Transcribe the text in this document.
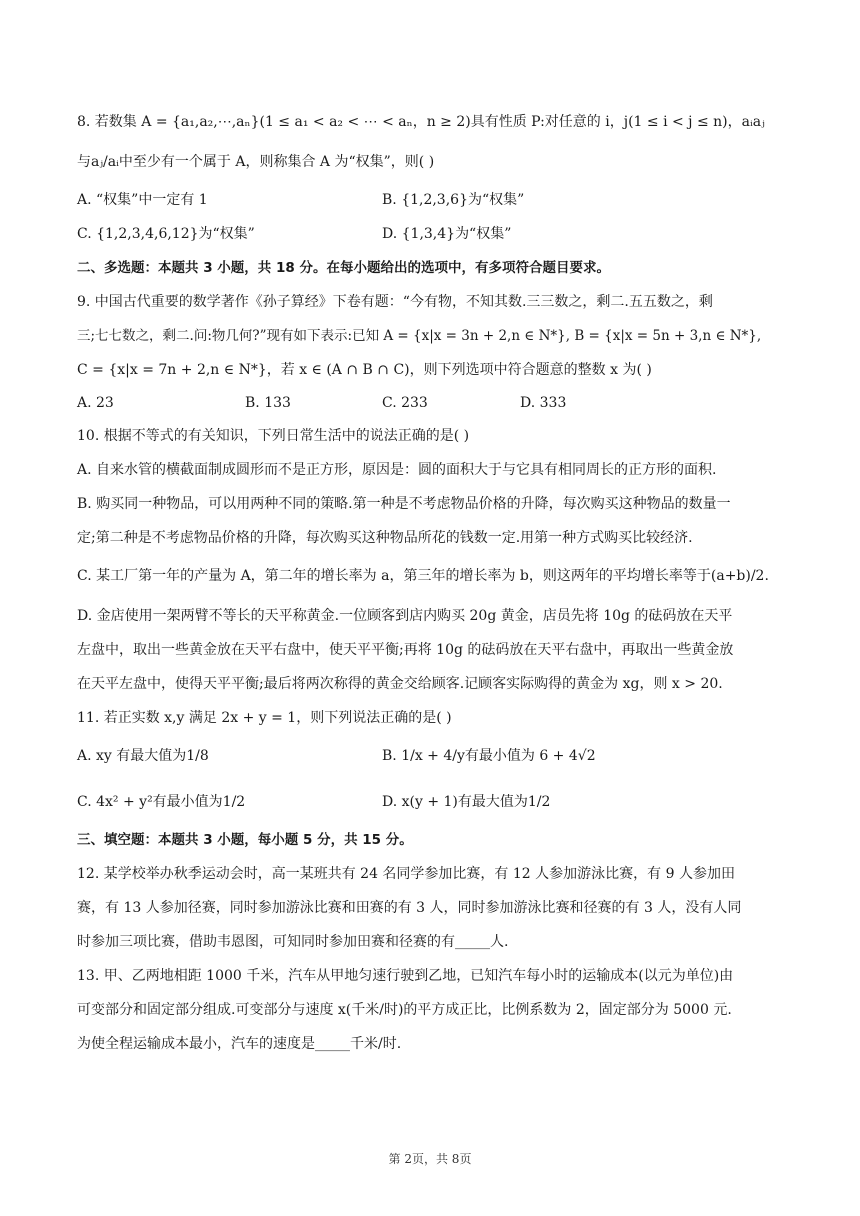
8. 若数集 A = {a₁,a₂,⋯,aₙ}(1 ≤ a₁ < a₂ < ⋯ < aₙ，n ≥ 2)具有性质 P:对任意的 i，j(1 ≤ i < j ≤ n)，aᵢaⱼ
与aⱼ/aᵢ中至少有一个属于 A，则称集合 A 为“权集”，则( )
A. “权集”中一定有 1	B. {1,2,3,6}为“权集”
C. {1,2,3,4,6,12}为“权集”	D. {1,3,4}为“权集”
二、多选题：本题共 3 小题，共 18 分。在每小题给出的选项中，有多项符合题目要求。
9. 中国古代重要的数学著作《孙子算经》下卷有题：“今有物，不知其数.三三数之，剩二.五五数之，剩
三;七七数之，剩二.问:物几何?”现有如下表示:已知 A = {x|x = 3n + 2,n ∈ N*}, B = {x|x = 5n + 3,n ∈ N*},
C = {x|x = 7n + 2,n ∈ N*}，若 x ∈ (A ∩ B ∩ C)，则下列选项中符合题意的整数 x 为( )
A. 23	B. 133	C. 233	D. 333
10. 根据不等式的有关知识，下列日常生活中的说法正确的是( )
A. 自来水管的横截面制成圆形而不是正方形，原因是：圆的面积大于与它具有相同周长的正方形的面积.
B. 购买同一种物品，可以用两种不同的策略.第一种是不考虑物品价格的升降，每次购买这种物品的数量一
定;第二种是不考虑物品价格的升降，每次购买这种物品所花的钱数一定.用第一种方式购买比较经济.
C. 某工厂第一年的产量为 A，第二年的增长率为 a，第三年的增长率为 b，则这两年的平均增长率等于(a+b)/2.
D. 金店使用一架两臂不等长的天平称黄金.一位顾客到店内购买 20g 黄金，店员先将 10g 的砝码放在天平
左盘中，取出一些黄金放在天平右盘中，使天平平衡;再将 10g 的砝码放在天平右盘中，再取出一些黄金放
在天平左盘中，使得天平平衡;最后将两次称得的黄金交给顾客.记顾客实际购得的黄金为 xg，则 x > 20.
11. 若正实数 x,y 满足 2x + y = 1，则下列说法正确的是( )
A. xy 有最大值为1/8	B. 1/x + 4/y有最小值为 6 + 4√2
C. 4x² + y²有最小值为1/2	D. x(y + 1)有最大值为1/2
三、填空题：本题共 3 小题，每小题 5 分，共 15 分。
12. 某学校举办秋季运动会时，高一某班共有 24 名同学参加比赛，有 12 人参加游泳比赛，有 9 人参加田
赛，有 13 人参加径赛，同时参加游泳比赛和田赛的有 3 人，同时参加游泳比赛和径赛的有 3 人，没有人同
时参加三项比赛，借助韦恩图，可知同时参加田赛和径赛的有_____人.
13. 甲、乙两地相距 1000 千米，汽车从甲地匀速行驶到乙地，已知汽车每小时的运输成本(以元为单位)由
可变部分和固定部分组成.可变部分与速度 x(千米/时)的平方成正比，比例系数为 2，固定部分为 5000 元.
为使全程运输成本最小，汽车的速度是_____千米/时.
第 2页，共 8页
